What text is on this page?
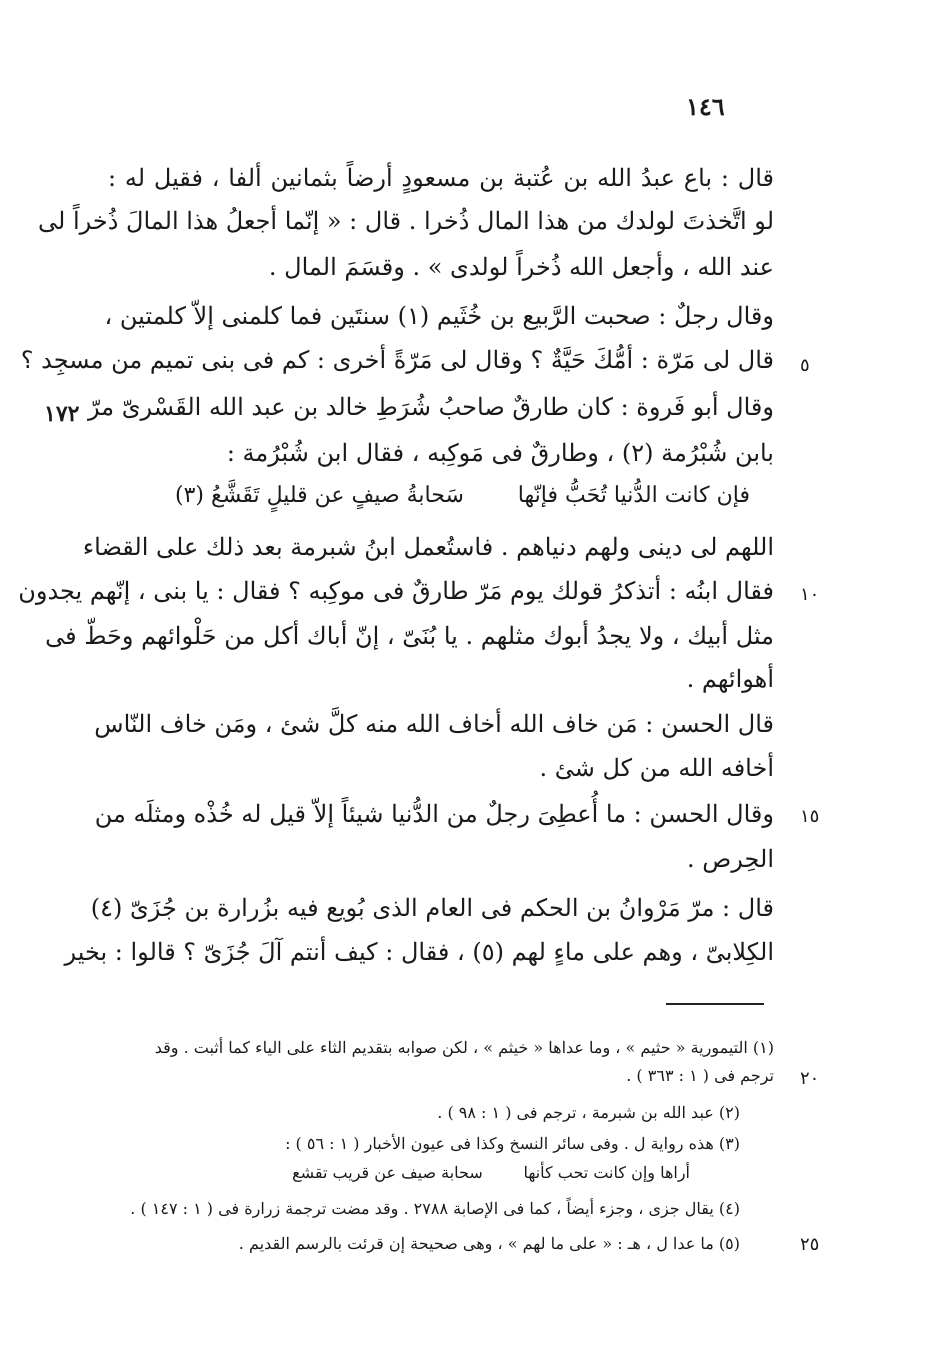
١٤٦
قال : باع عبدُ الله بن عُتبة بن مسعودٍ أرضاً بثمانين ألفا ، فقيل له :
لو اتَّخذتَ لولدك من هذا المال ذُخرا . قال : « إنّما أجعلُ هذا المالَ ذُخراً لى
عند الله ، وأجعل الله ذُخراً لولدى » . وقسَمَ المال .
وقال رجلٌ : صحبت الرَّبيع بن خُثَيم (١) سنتَين فما كلمنى إلاّ كلمتين ،
قال لى مَرّة : أمُّكَ حَيَّةٌ ؟ وقال لى مَرّةً أخرى : كم فى بنى تميم من مسجِد ؟
وقال أبو فَروة : كان طارقٌ صاحبُ شُرَطِ خالد بن عبد الله القَسْرىّ مرّ
بابن شُبْرُمة (٢) ، وطارقٌ فى مَوكِبه ، فقال ابن شُبْرُمة :
فإن كانت الدُّنيا تُحَبُّ فإنّها
سَحابةُ صيفٍ عن قليلٍ تَقَشَّعُ (٣)
اللهم لى دينى ولهم دنياهم . فاستُعمل ابنُ شبرمة بعد ذلك على القضاء
فقال ابنُه : أتذكرُ قولك يوم مَرّ طارقٌ فى موكِبه ؟ فقال : يا بنى ، إنّهم يجدون
مثل أبيك ، ولا يجدُ أبوك مثلهم . يا بُنَىّ ، إنّ أباك أكل من حَلْوائهم وحَطّ فى
أهوائهم .
قال الحسن : مَن خاف الله أخاف الله منه كلَّ شئ ، ومَن خاف النّاس
أخافه الله من كل شئ .
وقال الحسن : ما أُعطِىَ رجلٌ من الدُّنيا شيئاً إلاّ قيل له خُذْه ومثلَه من
الحِرص .
قال : مرّ مَرْوانُ بن الحكم فى العام الذى بُويع فيه بزُرارة بن جُزَىّ (٤)
الكِلابىّ ، وهم على ماءٍ لهم (٥) ، فقال : كيف أنتم آلَ جُزَىّ ؟ قالوا : بخير
١٧٢
٥
١٠
١٥
٢٠
٢٥
(١) التيمورية « حثيم » ، وما عداها « خيثم » ، لكن صوابه بتقديم الثاء على الياء كما أثبت . وقد
ترجم فى ( ١ : ٣٦٣ ) .
(٢) عبد الله بن شبرمة ، ترجم فى ( ١ : ٩٨ ) .
(٣) هذه رواية ل . وفى سائر النسخ وكذا فى عيون الأخبار ( ١ : ٥٦ ) :
أراها وإن كانت تحب كأنها        سحابة صيف عن قريب تقشع
(٤) يقال جزى ، وجزء أيضاً ، كما فى الإصابة ٢٧٨٨ . وقد مضت ترجمة زرارة فى ( ١ : ١٤٧ ) .
(٥) ما عدا ل ، هـ : « على ما لهم » ، وهى صحيحة إن قرئت بالرسم القديم .
